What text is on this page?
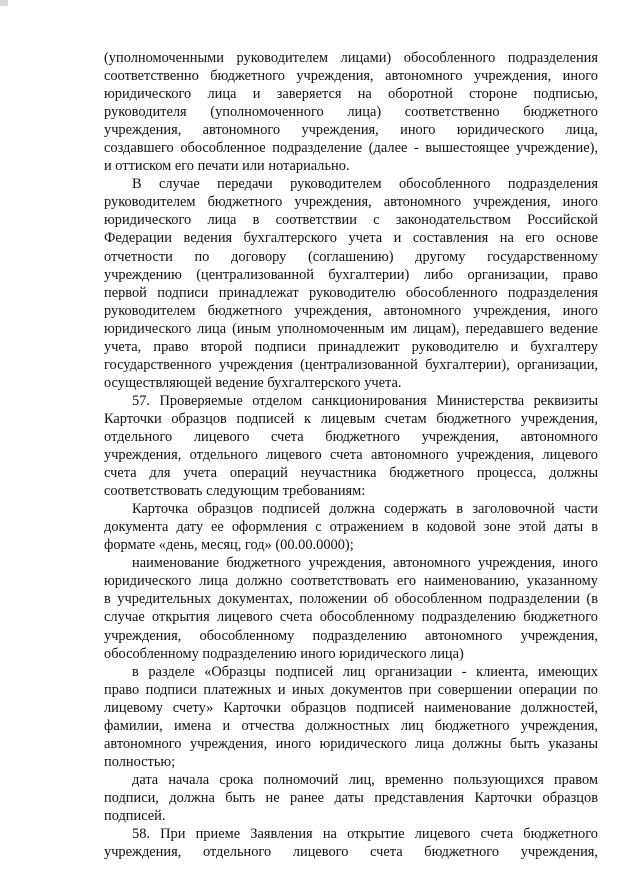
(уполномоченными руководителем лицами) обособленного подразделения
соответственно бюджетного учреждения, автономного учреждения, иного
юридического лица и заверяется на оборотной стороне подписью,
руководителя (уполномоченного лица) соответственно бюджетного
учреждения, автономного учреждения, иного юридического лица,
создавшего обособленное подразделение (далее - вышестоящее учреждение),
и оттиском его печати или нотариально.
В случае передачи руководителем обособленного подразделения
руководителем бюджетного учреждения, автономного учреждения, иного
юридического лица в соответствии с законодательством Российской
Федерации ведения бухгалтерского учета и составления на его основе
отчетности по договору (соглашению) другому государственному
учреждению (централизованной бухгалтерии) либо организации, право
первой подписи принадлежат руководителю обособленного подразделения
руководителем бюджетного учреждения, автономного учреждения, иного
юридического лица (иным уполномоченным им лицам), передавшего ведение
учета, право второй подписи принадлежит руководителю и бухгалтеру
государственного учреждения (централизованной бухгалтерии), организации,
осуществляющей ведение бухгалтерского учета.
57. Проверяемые отделом санкционирования Министерства реквизиты
Карточки образцов подписей к лицевым счетам бюджетного учреждения,
отдельного лицевого счета бюджетного учреждения, автономного
учреждения, отдельного лицевого счета автономного учреждения, лицевого
счета для учета операций неучастника бюджетного процесса, должны
соответствовать следующим требованиям:
Карточка образцов подписей должна содержать в заголовочной части
документа дату ее оформления с отражением в кодовой зоне этой даты в
формате «день, месяц, год» (00.00.0000);
наименование бюджетного учреждения, автономного учреждения, иного
юридического лица должно соответствовать его наименованию, указанному
в учредительных документах, положении об обособленном подразделении (в
случае открытия лицевого счета обособленному подразделению бюджетного
учреждения, обособленному подразделению автономного учреждения,
обособленному подразделению иного юридического лица)
в разделе «Образцы подписей лиц организации - клиента, имеющих
право подписи платежных и иных документов при совершении операции по
лицевому счету» Карточки образцов подписей наименование должностей,
фамилии, имена и отчества должностных лиц бюджетного учреждения,
автономного учреждения, иного юридического лица должны быть указаны
полностью;
дата начала срока полномочий лиц, временно пользующихся правом
подписи, должна быть не ранее даты представления Карточки образцов
подписей.
58. При приеме Заявления на открытие лицевого счета бюджетного
учреждения, отдельного лицевого счета бюджетного учреждения,
